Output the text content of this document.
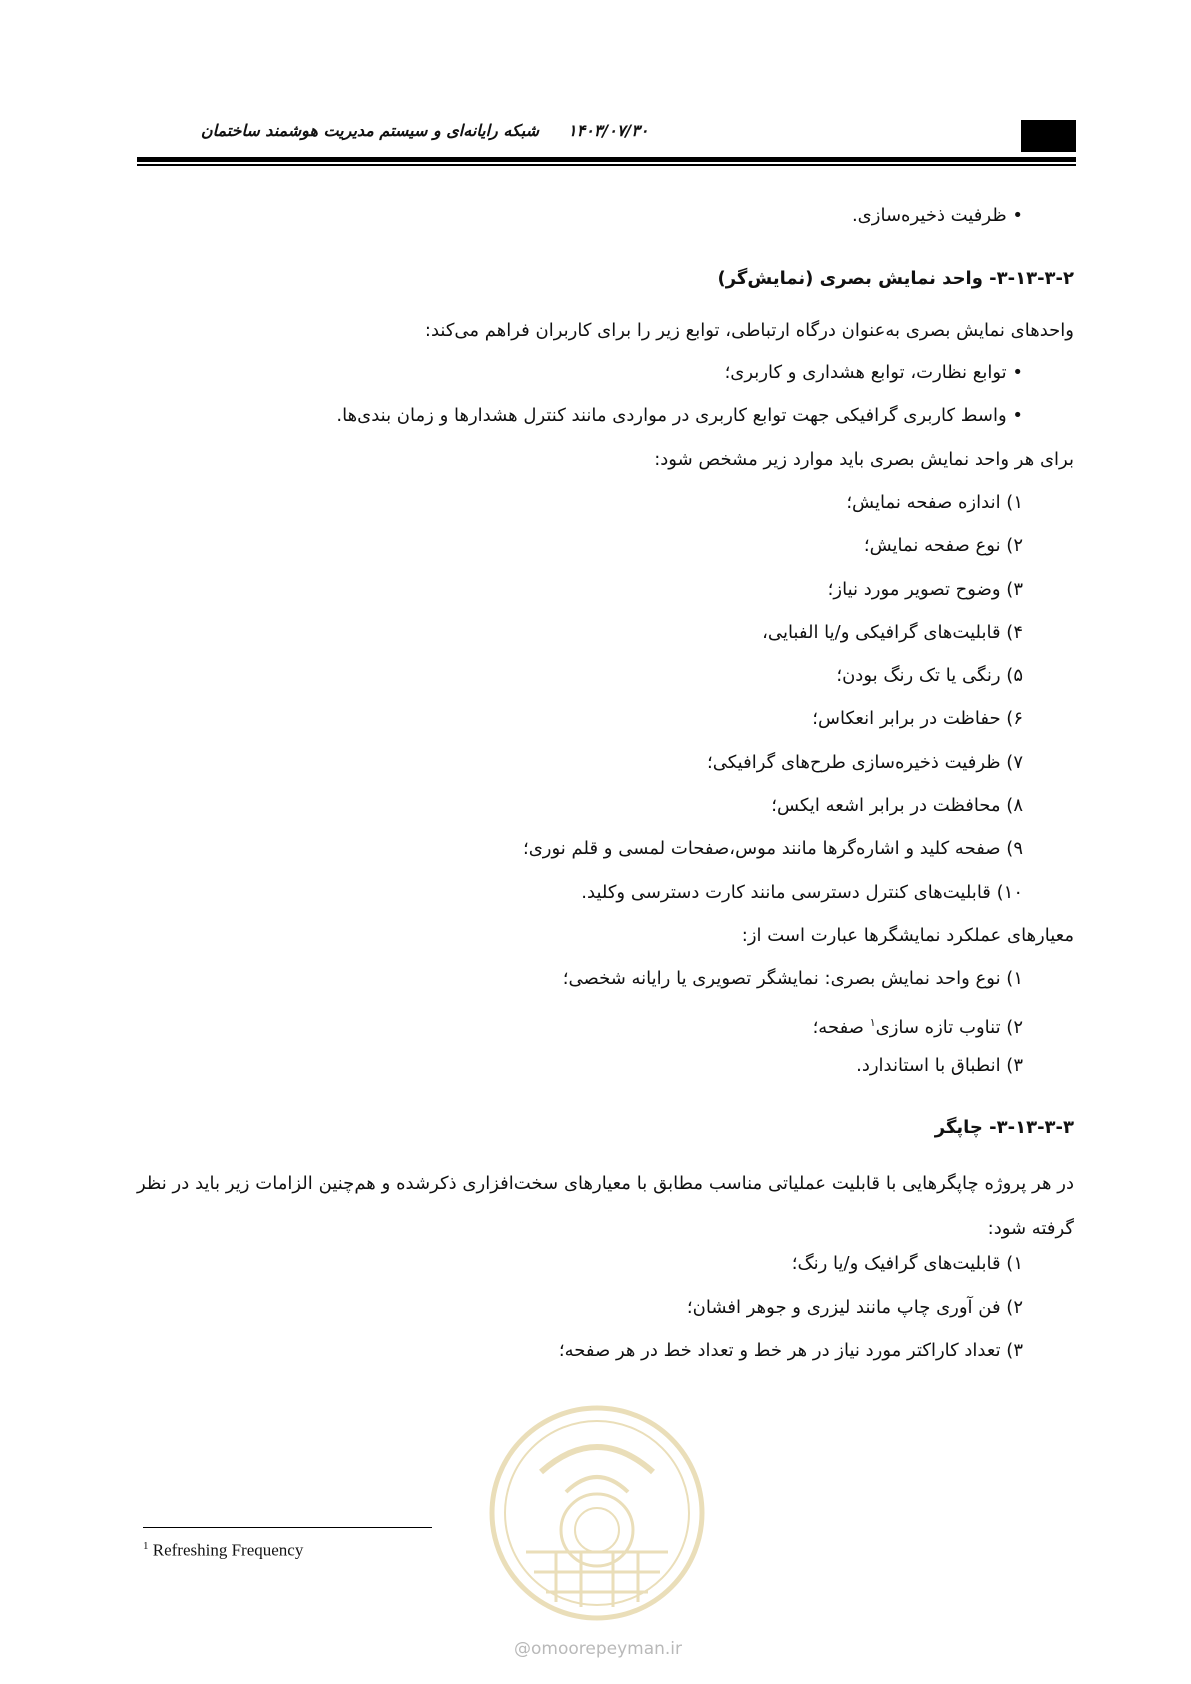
شبکه رایانه‌ای و سیستم مدیریت هوشمند ساختمان ۱۴۰۳/۰۷/۳۰
• ظرفیت ذخیره‌سازی.
۳-۱۳-۳-۲- واحد نمایش بصری (نمایش‌گر)
واحدهای نمایش بصری به‌عنوان درگاه ارتباطی، توابع زیر را برای کاربران فراهم می‌کند:
• توابع نظارت، توابع هشداری و کاربری؛
• واسط کاربری گرافیکی جهت توابع کاربری در مواردی مانند کنترل هشدارها و زمان بندی‌ها.
برای هر واحد نمایش بصری باید موارد زیر مشخص شود:
۱) اندازه صفحه نمایش؛
۲) نوع صفحه نمایش؛
۳) وضوح تصویر مورد نیاز؛
۴) قابلیت‌های گرافیکی و/یا الفبایی،
۵) رنگی یا تک رنگ بودن؛
۶) حفاظت در برابر انعکاس؛
۷) ظرفیت ذخیره‌سازی طرح‌های گرافیکی؛
۸) محافظت در برابر اشعه ایکس؛
۹) صفحه کلید و اشاره‌گرها مانند موس،صفحات لمسی و قلم نوری؛
۱۰) قابلیت‌های کنترل دسترسی مانند کارت دسترسی وکلید.
معیارهای عملکرد نمایشگرها عبارت است از:
۱) نوع واحد نمایش بصری: نمایشگر تصویری یا رایانه شخصی؛
۲) تناوب تازه سازی$^۱$ صفحه؛
۳) انطباق با استاندارد.
۳-۱۳-۳-۳- چاپگر
در هر پروژه چاپگرهایی با قابلیت عملیاتی مناسب مطابق با معیارهای سخت‌افزاری ذکرشده و هم‌چنین الزامات زیر باید در نظر گرفته شود:
۱) قابلیت‌های گرافیک و/یا رنگ؛
۲) فن آوری چاپ مانند لیزری و جوهر افشان؛
۳) تعداد کاراکتر مورد نیاز در هر خط و تعداد خط در هر صفحه؛
@omoorepeyman.ir
$^1$ Refreshing Frequency
